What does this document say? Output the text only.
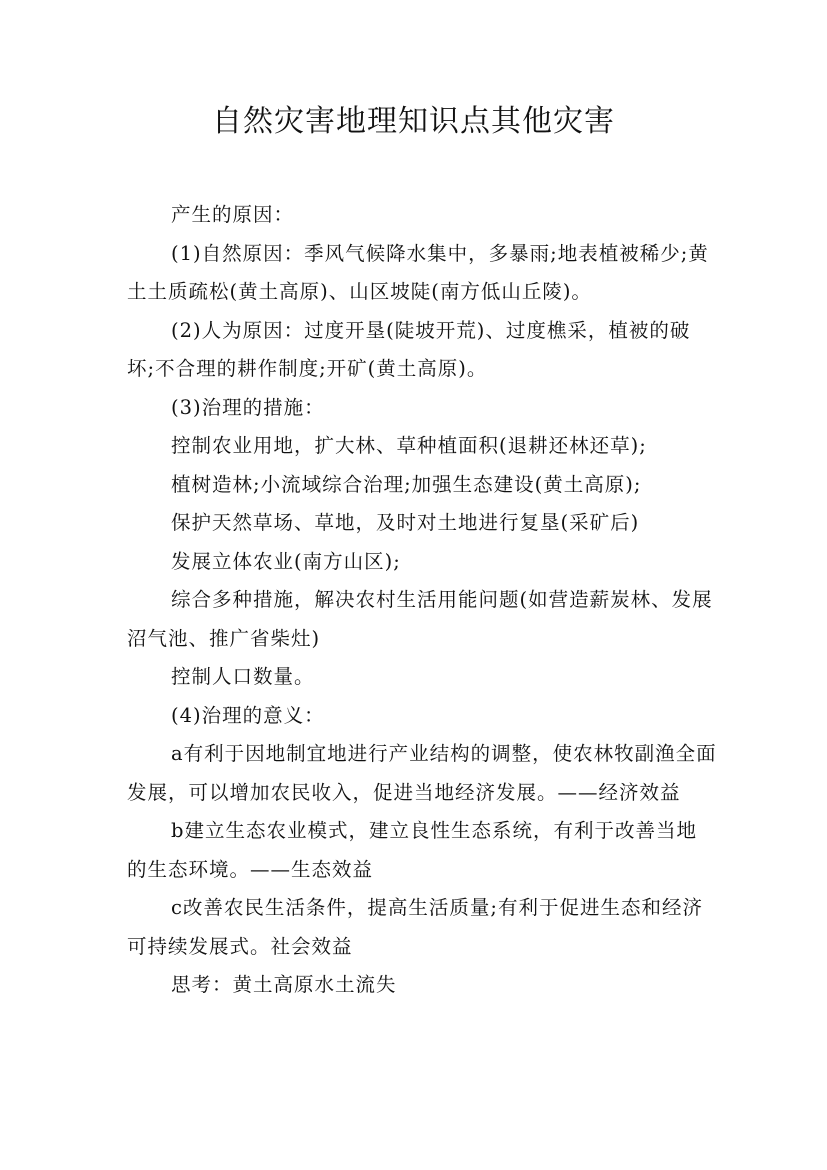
自然灾害地理知识点其他灾害

产生的原因：

(1)自然原因：季风气候降水集中，多暴雨;地表植被稀少;黄土土质疏松(黄土高原)、山区坡陡(南方低山丘陵)。

(2)人为原因：过度开垦(陡坡开荒)、过度樵采，植被的破坏;不合理的耕作制度;开矿(黄土高原)。

(3)治理的措施：

控制农业用地，扩大林、草种植面积(退耕还林还草);

植树造林;小流域综合治理;加强生态建设(黄土高原);

保护天然草场、草地，及时对土地进行复垦(采矿后)

发展立体农业(南方山区);

综合多种措施，解决农村生活用能问题(如营造薪炭林、发展沼气池、推广省柴灶)

控制人口数量。

(4)治理的意义：

a有利于因地制宜地进行产业结构的调整，使农林牧副渔全面发展，可以增加农民收入，促进当地经济发展。——经济效益

b建立生态农业模式，建立良性生态系统，有利于改善当地的生态环境。——生态效益

c改善农民生活条件，提高生活质量;有利于促进生态和经济可持续发展式。社会效益

思考：黄土高原水土流失
